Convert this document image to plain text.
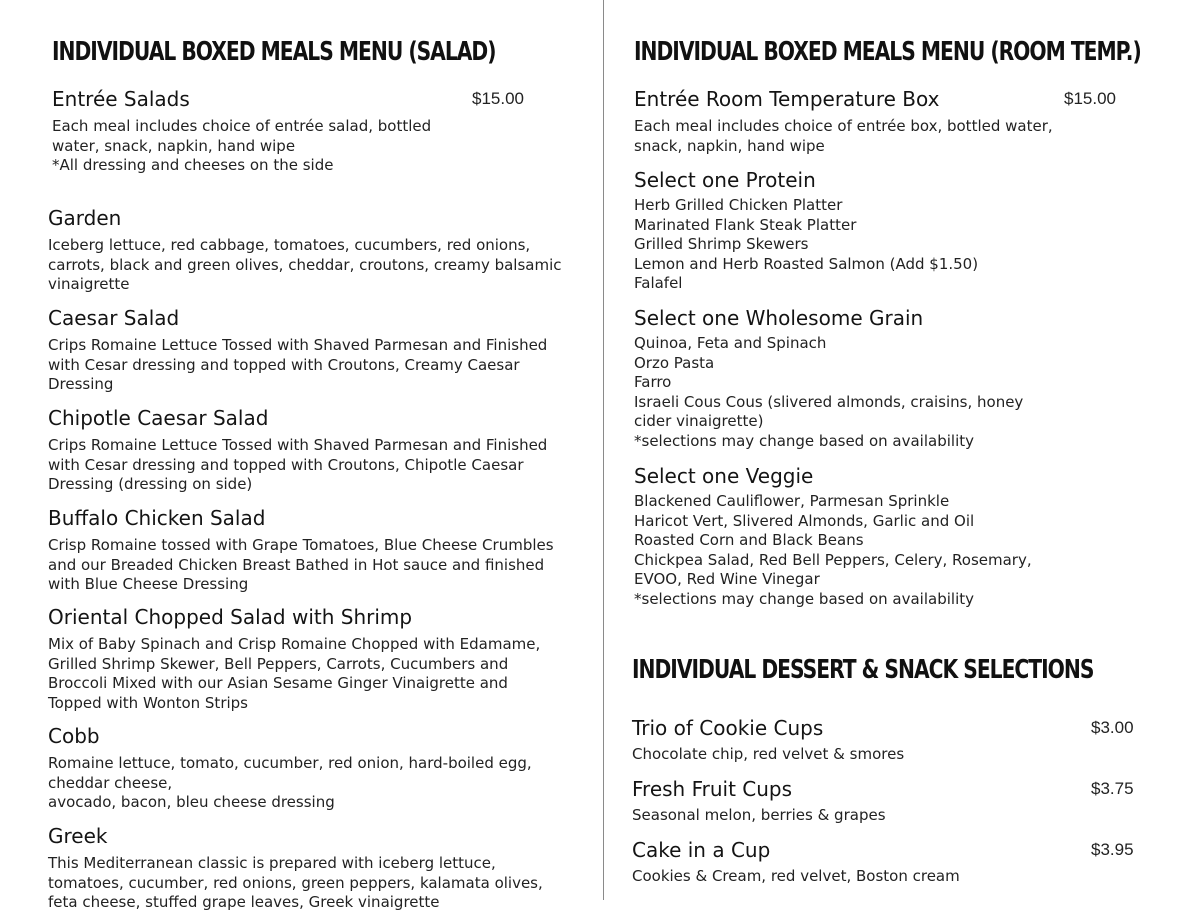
INDIVIDUAL BOXED MEALS MENU (SALAD)
Entrée Salads	$15.00
Each meal includes choice of entrée salad, bottled
water, snack, napkin, hand wipe
*All dressing and cheeses on the side
Garden
Iceberg lettuce, red cabbage, tomatoes, cucumbers, red onions,
carrots, black and green olives, cheddar, croutons, creamy balsamic
vinaigrette
Caesar Salad
Crips Romaine Lettuce Tossed with Shaved Parmesan and Finished
with Cesar dressing and topped with Croutons, Creamy Caesar
Dressing
Chipotle Caesar Salad
Crips Romaine Lettuce Tossed with Shaved Parmesan and Finished
with Cesar dressing and topped with Croutons, Chipotle Caesar
Dressing (dressing on side)
Buffalo Chicken Salad
Crisp Romaine tossed with Grape Tomatoes, Blue Cheese Crumbles
and our Breaded Chicken Breast Bathed in Hot sauce and finished
with Blue Cheese Dressing
Oriental Chopped Salad with Shrimp
Mix of Baby Spinach and Crisp Romaine Chopped with Edamame,
Grilled Shrimp Skewer, Bell Peppers, Carrots, Cucumbers and
Broccoli Mixed with our Asian Sesame Ginger Vinaigrette and
Topped with Wonton Strips
Cobb
Romaine lettuce, tomato, cucumber, red onion, hard-boiled egg,
cheddar cheese,
avocado, bacon, bleu cheese dressing
Greek
This Mediterranean classic is prepared with iceberg lettuce,
tomatoes, cucumber, red onions, green peppers, kalamata olives,
feta cheese, stuffed grape leaves, Greek vinaigrette
INDIVIDUAL BOXED MEALS MENU (ROOM TEMP.)
Entrée Room Temperature Box	$15.00
Each meal includes choice of entrée box, bottled water,
snack, napkin, hand wipe
Select one Protein
Herb Grilled Chicken Platter
Marinated Flank Steak Platter
Grilled Shrimp Skewers
Lemon and Herb Roasted Salmon (Add $1.50)
Falafel
Select one Wholesome Grain
Quinoa, Feta and Spinach
Orzo Pasta
Farro
Israeli Cous Cous (slivered almonds, craisins, honey
cider vinaigrette)
*selections may change based on availability
Select one Veggie
Blackened Cauliflower, Parmesan Sprinkle
Haricot Vert, Slivered Almonds, Garlic and Oil
Roasted Corn and Black Beans
Chickpea Salad, Red Bell Peppers, Celery, Rosemary,
EVOO, Red Wine Vinegar
*selections may change based on availability
INDIVIDUAL DESSERT & SNACK SELECTIONS
Trio of Cookie Cups	$3.00
Chocolate chip, red velvet & smores
Fresh Fruit Cups	$3.75
Seasonal melon, berries & grapes
Cake in a Cup	$3.95
Cookies & Cream, red velvet, Boston cream
